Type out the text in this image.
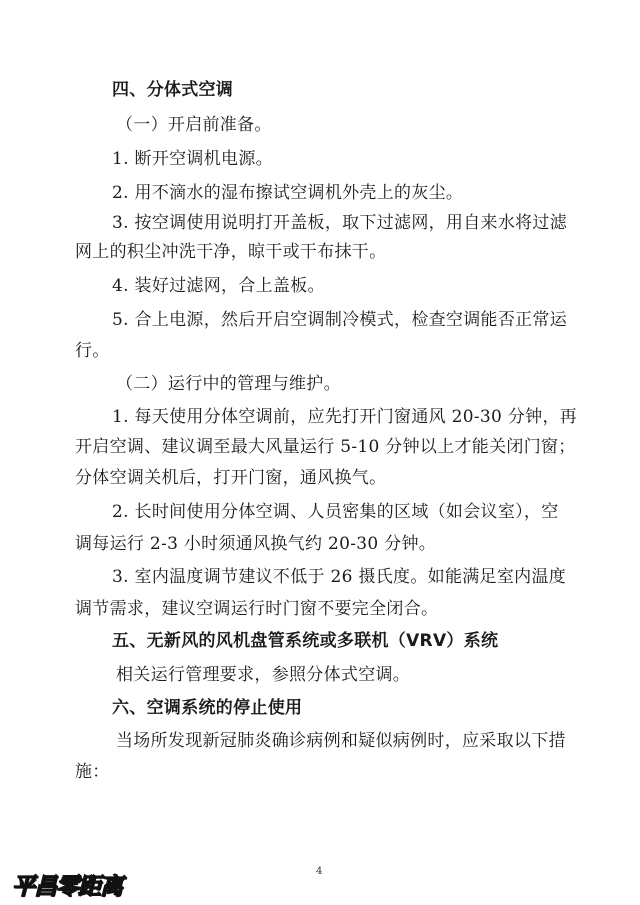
四、分体式空调
（一）开启前准备。
1. 断开空调机电源。
2. 用不滴水的湿布擦试空调机外壳上的灰尘。
3. 按空调使用说明打开盖板，取下过滤网，用自来水将过滤
网上的积尘冲洗干净，晾干或干布抹干。
4. 装好过滤网，合上盖板。
5. 合上电源，然后开启空调制冷模式，检查空调能否正常运
行。
（二）运行中的管理与维护。
1. 每天使用分体空调前，应先打开门窗通风 20-30 分钟，再
开启空调、建议调至最大风量运行 5-10 分钟以上才能关闭门窗；
分体空调关机后，打开门窗，通风换气。
2. 长时间使用分体空调、人员密集的区域（如会议室），空
调每运行 2-3 小时须通风换气约 20-30 分钟。
3. 室内温度调节建议不低于 26 摄氏度。如能满足室内温度
调节需求，建议空调运行时门窗不要完全闭合。
五、无新风的风机盘管系统或多联机（VRV）系统
相关运行管理要求，参照分体式空调。
六、空调系统的停止使用
当场所发现新冠肺炎确诊病例和疑似病例时，应采取以下措
施：
4
平昌零距离
